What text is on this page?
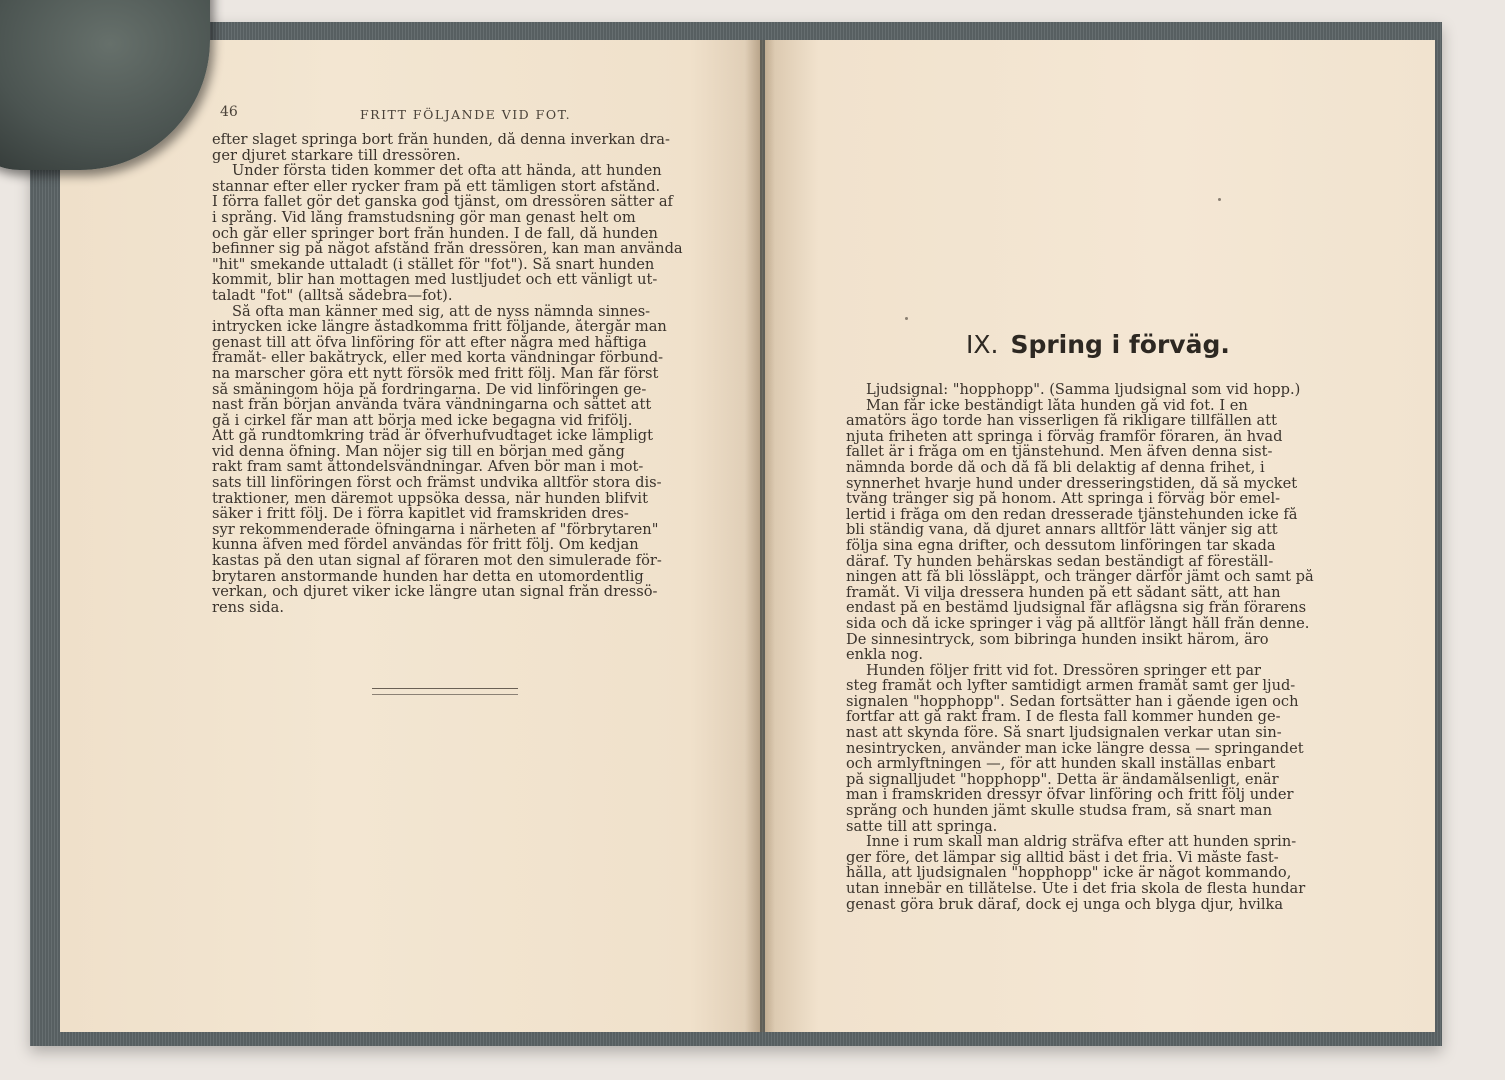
46	FRITT FÖLJANDE VID FOT.
efter slaget springa bort från hunden, då denna inverkan dra-
ger djuret starkare till dressören.
Under första tiden kommer det ofta att hända, att hunden
stannar efter eller rycker fram på ett tämligen stort afstånd.
I förra fallet gör det ganska god tjänst, om dressören sätter af
i språng. Vid lång framstudsning gör man genast helt om
och går eller springer bort från hunden. I de fall, då hunden
befinner sig på något afstånd från dressören, kan man använda
"hit" smekande uttaladt (i stället för "fot"). Så snart hunden
kommit, blir han mottagen med lustljudet och ett vänligt ut-
taladt "fot" (alltså sådebra—fot).
Så ofta man känner med sig, att de nyss nämnda sinnes-
intrycken icke längre åstadkomma fritt följande, återgår man
genast till att öfva linföring för att efter några med häftiga
framåt- eller bakåtryck, eller med korta vändningar förbund-
na marscher göra ett nytt försök med fritt följ. Man får först
så småningom höja på fordringarna. De vid linföringen ge-
nast från början använda tvära vändningarna och sättet att
gå i cirkel får man att börja med icke begagna vid frifölj.
Att gå rundtomkring träd är öfverhufvudtaget icke lämpligt
vid denna öfning. Man nöjer sig till en början med gång
rakt fram samt åttondelsvändningar. Äfven bör man i mot-
sats till linföringen först och främst undvika alltför stora dis-
traktioner, men däremot uppsöka dessa, när hunden blifvit
säker i fritt följ. De i förra kapitlet vid framskriden dres-
syr rekommenderade öfningarna i närheten af "förbrytaren"
kunna äfven med fördel användas för fritt följ. Om kedjan
kastas på den utan signal af föraren mot den simulerade för-
brytaren anstormande hunden har detta en utomordentlig
verkan, och djuret viker icke längre utan signal från dressö-
rens sida.
IX. Spring i förväg.
Ljudsignal: "hopphopp". (Samma ljudsignal som vid hopp.)
Man får icke beständigt låta hunden gå vid fot. I en
amatörs ägo torde han visserligen få rikligare tillfällen att
njuta friheten att springa i förväg framför föraren, än hvad
fallet är i fråga om en tjänstehund. Men äfven denna sist-
nämnda borde då och då få bli delaktig af denna frihet, i
synnerhet hvarje hund under dresseringstiden, då så mycket
tvång tränger sig på honom. Att springa i förväg bör emel-
lertid i fråga om den redan dresserade tjänstehunden icke få
bli ständig vana, då djuret annars alltför lätt vänjer sig att
följa sina egna drifter, och dessutom linföringen tar skada
däraf. Ty hunden behärskas sedan beständigt af föreställ-
ningen att få bli lössläppt, och tränger därför jämt och samt på
framåt. Vi vilja dressera hunden på ett sådant sätt, att han
endast på en bestämd ljudsignal får aflägsna sig från förarens
sida och då icke springer i väg på alltför långt håll från denne.
De sinnesintryck, som bibringa hunden insikt härom, äro
enkla nog.
Hunden följer fritt vid fot. Dressören springer ett par
steg framåt och lyfter samtidigt armen framåt samt ger ljud-
signalen "hopphopp". Sedan fortsätter han i gående igen och
fortfar att gå rakt fram. I de flesta fall kommer hunden ge-
nast att skynda före. Så snart ljudsignalen verkar utan sin-
nesintrycken, använder man icke längre dessa — springandet
och armlyftningen —, för att hunden skall inställas enbart
på signalljudet "hopphopp". Detta är ändamålsenligt, enär
man i framskriden dressyr öfvar linföring och fritt följ under
språng och hunden jämt skulle studsa fram, så snart man
satte till att springa.
Inne i rum skall man aldrig sträfva efter att hunden sprin-
ger före, det lämpar sig alltid bäst i det fria. Vi måste fast-
hålla, att ljudsignalen "hopphopp" icke är något kommando,
utan innebär en tillåtelse. Ute i det fria skola de flesta hundar
genast göra bruk däraf, dock ej unga och blyga djur, hvilka
